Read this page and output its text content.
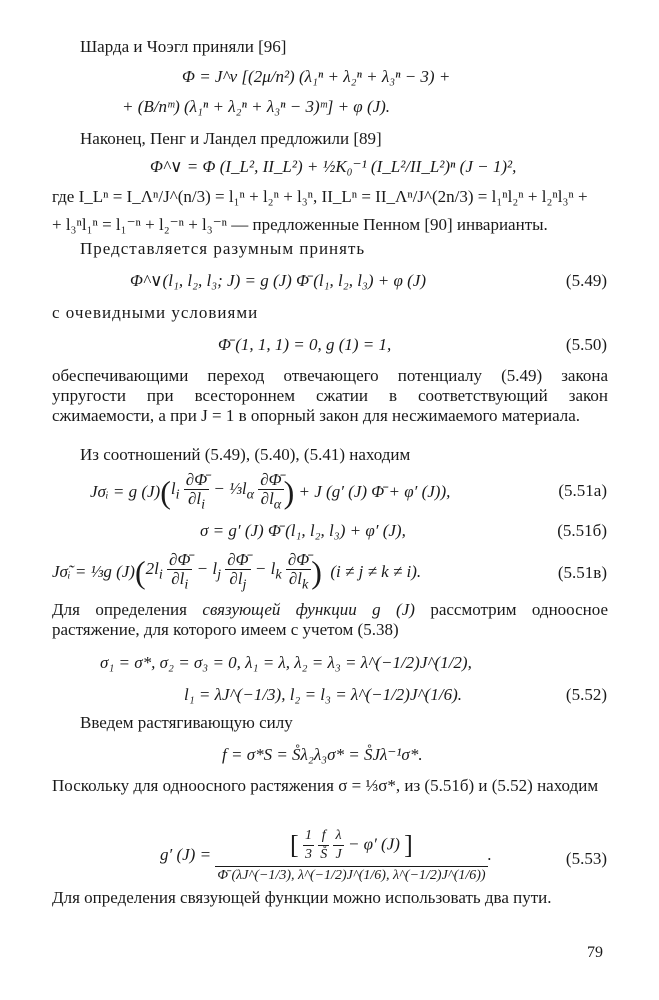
Шарда и Чоэгл приняли [96]
Φ = J^ν [(2μ/n²) (λ₁ⁿ + λ₂ⁿ + λ₃ⁿ − 3) +
+ (B/nᵐ) (λ₁ⁿ + λ₂ⁿ + λ₃ⁿ − 3)ᵐ] + φ (J).
Наконец, Пенг и Ландел предложили [89]
Φ^∨ = Φ (I_L², II_L²) + ½K₀⁻¹ (I_L²/II_L²)ⁿ (J − 1)²,
где I_Lⁿ = I_Λⁿ/J^(n/3) = l₁ⁿ + l₂ⁿ + l₃ⁿ, II_Lⁿ = II_Λⁿ/J^(2n/3) = l₁ⁿl₂ⁿ + l₂ⁿl₃ⁿ +
+ l₃ⁿl₁ⁿ = l₁⁻ⁿ + l₂⁻ⁿ + l₃⁻ⁿ — предложенные Пенном [90] инварианты.
Представляется разумным принять
Φ^∨(l₁, l₂, l₃; J) = g (J) Φ̄ (l₁, l₂, l₃) + φ (J)	(5.49)
с очевидными условиями
Φ̄ (1, 1, 1) = 0, g (1) = 1,	(5.50)
обеспечивающими переход отвечающего потенциалу (5.49) закона упругости при всестороннем сжатии в соответствующий закон сжимаемости, а при J = 1 в опорный закон для несжимаемого материала.
Из соотношений (5.49), (5.40), (5.41) находим
Jσᵢ = g (J) ( $l_i \frac{\partial\Phī}{\partial l_i}$ − $\frac{1}{3}l_\alpha \frac{\partial\Phī}{\partial l_\alpha}$ )
+ J (g′ (J) Φ̄ + φ′ (J)),	(5.51а)
σ = g′ (J) Φ̄ (l₁, l₂, l₃) + φ′ (J),	(5.51б)
Jσ̃ᵢ = ⅓g (J) ( $2l_i \frac{\partial\Phī}{\partial l_i} - l_j \frac{\partial\Phī}{\partial l_j} - l_k \frac{\partial\Phī}{\partial l_k}$ )
(i ≠ j ≠ k ≠ i).	(5.51в)
Для определения связующей функции g (J) рассмотрим одноосное растяжение, для которого имеем с учетом (5.38)
σ₁ = σ*, σ₂ = σ₃ = 0, λ₁ = λ, λ₂ = λ₃ = λ^(−1/2)J^(1/2),
l₁ = λJ^(−1/3), l₂ = l₃ = λ^(−1/2)J^(1/6).	(5.52)
Введем растягивающую силу
f = σ*S = S̊λ₂λ₃σ* = S̊Jλ⁻¹σ*.
Поскольку для одноосного растяжения σ = ⅓σ*, из (5.51б) и (5.52) находим
g′ (J) =
	[ $\frac{1}{3}$
$\frac{f}{S̊}$
$\frac{\lambda}{J} - \varphi'$ (J) ]
Φ̄ (λJ^(−1/3), λ^(−1/2)J^(1/6), λ^(−1/2)J^(1/6))
.	(5.53)
Для определения связующей функции можно использовать два пути.
79
